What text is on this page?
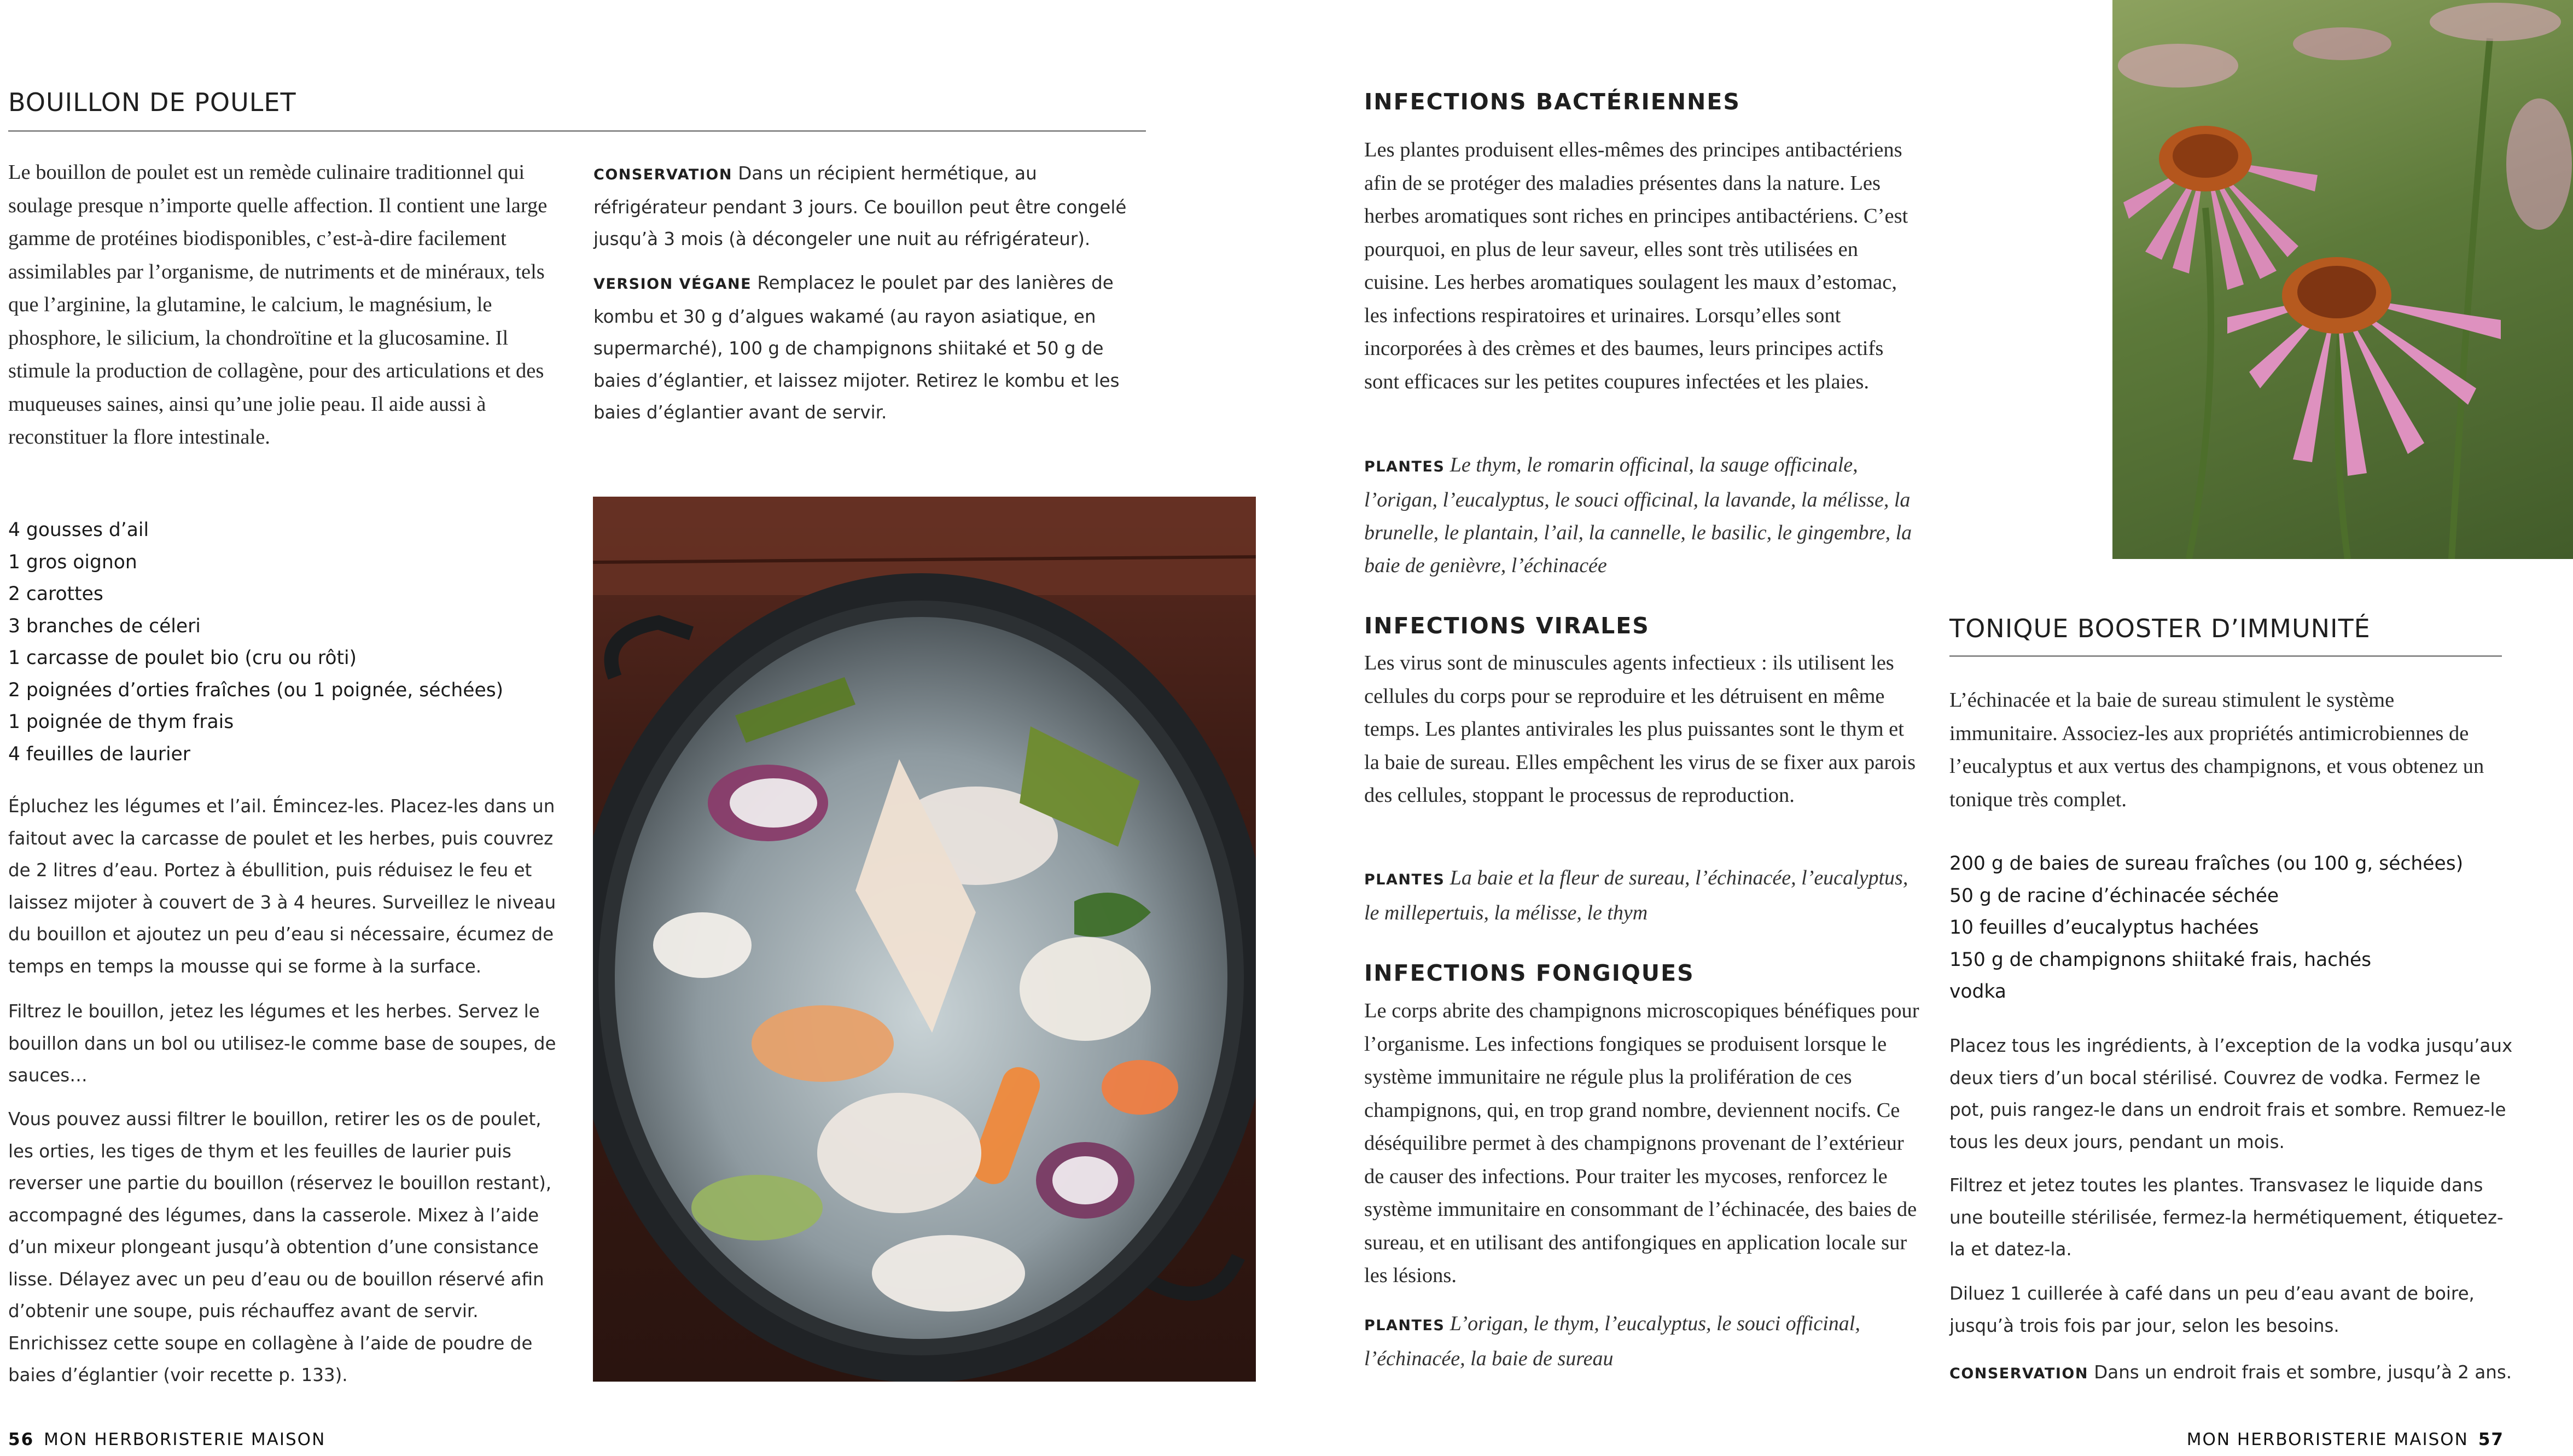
BOUILLON DE POULET

Le bouillon de poulet est un remède culinaire traditionnel qui soulage presque n’importe quelle affection. Il contient une large gamme de protéines biodisponibles, c’est-à-dire facilement assimilables par l’organisme, de nutriments et de minéraux, tels que l’arginine, la glutamine, le calcium, le magnésium, le phosphore, le silicium, la chondroïtine et la glucosamine. Il stimule la production de collagène, pour des articulations et des muqueuses saines, ainsi qu’une jolie peau. Il aide aussi à reconstituer la flore intestinale.

4 gousses d’ail
1 gros oignon
2 carottes
3 branches de céleri
1 carcasse de poulet bio (cru ou rôti)
2 poignées d’orties fraîches (ou 1 poignée, séchées)
1 poignée de thym frais
4 feuilles de laurier

Épluchez les légumes et l’ail. Émincez-les. Placez-les dans un faitout avec la carcasse de poulet et les herbes, puis couvrez de 2 litres d’eau. Portez à ébullition, puis réduisez le feu et laissez mijoter à couvert de 3 à 4 heures. Surveillez le niveau du bouillon et ajoutez un peu d’eau si nécessaire, écumez de temps en temps la mousse qui se forme à la surface.

Filtrez le bouillon, jetez les légumes et les herbes. Servez le bouillon dans un bol ou utilisez-le comme base de soupes, de sauces…

Vous pouvez aussi filtrer le bouillon, retirer les os de poulet, les orties, les tiges de thym et les feuilles de laurier puis reverser une partie du bouillon (réservez le bouillon restant), accompagné des légumes, dans la casserole. Mixez à l’aide d’un mixeur plongeant jusqu’à obtention d’une consistance lisse. Délayez avec un peu d’eau ou de bouillon réservé afin d’obtenir une soupe, puis réchauffez avant de servir. Enrichissez cette soupe en collagène à l’aide de poudre de baies d’églantier (voir recette p. 133).

CONSERVATION Dans un récipient hermétique, au réfrigérateur pendant 3 jours. Ce bouillon peut être congelé jusqu’à 3 mois (à décongeler une nuit au réfrigérateur).

VERSION VÉGANE Remplacez le poulet par des lanières de kombu et 30 g d’algues wakamé (au rayon asiatique, en supermarché), 100 g de champignons shiitaké et 50 g de baies d’églantier, et laissez mijoter. Retirez le kombu et les baies d’églantier avant de servir.

56 MON HERBORISTERIE MAISON
INFECTIONS BACTÉRIENNES

Les plantes produisent elles-mêmes des principes antibactériens afin de se protéger des maladies présentes dans la nature. Les herbes aromatiques sont riches en principes antibactériens. C’est pourquoi, en plus de leur saveur, elles sont très utilisées en cuisine. Les herbes aromatiques soulagent les maux d’estomac, les infections respiratoires et urinaires. Lorsqu’elles sont incorporées à des crèmes et des baumes, leurs principes actifs sont efficaces sur les petites coupures infectées et les plaies.

PLANTES Le thym, le romarin officinal, la sauge officinale, l’origan, l’eucalyptus, le souci officinal, la lavande, la mélisse, la brunelle, le plantain, l’ail, la cannelle, le basilic, le gingembre, la baie de genièvre, l’échinacée

INFECTIONS VIRALES

Les virus sont de minuscules agents infectieux : ils utilisent les cellules du corps pour se reproduire et les détruisent en même temps. Les plantes antivirales les plus puissantes sont le thym et la baie de sureau. Elles empêchent les virus de se fixer aux parois des cellules, stoppant le processus de reproduction.

PLANTES La baie et la fleur de sureau, l’échinacée, l’eucalyptus, le millepertuis, la mélisse, le thym

INFECTIONS FONGIQUES

Le corps abrite des champignons microscopiques bénéfiques pour l’organisme. Les infections fongiques se produisent lorsque le système immunitaire ne régule plus la prolifération de ces champignons, qui, en trop grand nombre, deviennent nocifs. Ce déséquilibre permet à des champignons provenant de l’extérieur de causer des infections. Pour traiter les mycoses, renforcez le système immunitaire en consommant de l’échinacée, des baies de sureau, et en utilisant des antifongiques en application locale sur les lésions.

PLANTES L’origan, le thym, l’eucalyptus, le souci officinal, l’échinacée, la baie de sureau

TONIQUE BOOSTER D’IMMUNITÉ

L’échinacée et la baie de sureau stimulent le système immunitaire. Associez-les aux propriétés antimicrobiennes de l’eucalyptus et aux vertus des champignons, et vous obtenez un tonique très complet.

200 g de baies de sureau fraîches (ou 100 g, séchées)
50 g de racine d’échinacée séchée
10 feuilles d’eucalyptus hachées
150 g de champignons shiitaké frais, hachés
vodka

Placez tous les ingrédients, à l’exception de la vodka jusqu’aux deux tiers d’un bocal stérilisé. Couvrez de vodka. Fermez le pot, puis rangez-le dans un endroit frais et sombre. Remuez-le tous les deux jours, pendant un mois.

Filtrez et jetez toutes les plantes. Transvasez le liquide dans une bouteille stérilisée, fermez-la hermétiquement, étiquetez-la et datez-la.

Diluez 1 cuillerée à café dans un peu d’eau avant de boire, jusqu’à trois fois par jour, selon les besoins.

CONSERVATION Dans un endroit frais et sombre, jusqu’à 2 ans.

MON HERBORISTERIE MAISON 57
